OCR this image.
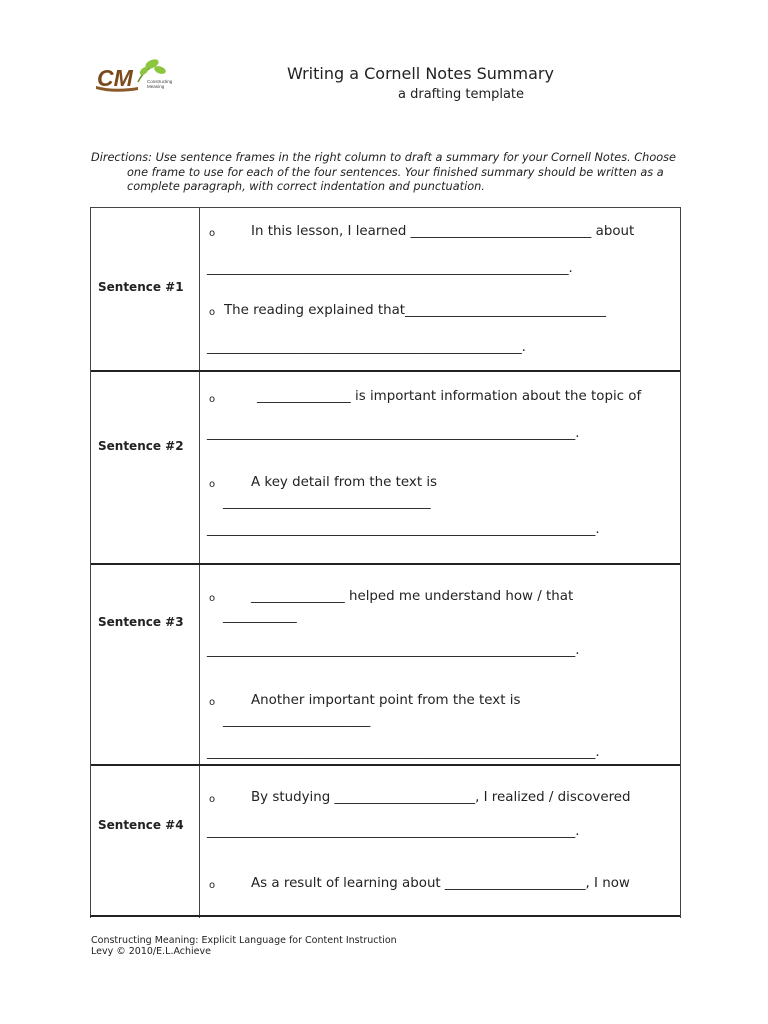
CM	Constructing
Meaning
Writing a Cornell Notes Summary
a drafting template
Directions: Use sentence frames in the right column to draft a summary for your Cornell Notes. Choose
one frame to use for each of the four sentences. Your finished summary should be written as a
complete paragraph, with correct indentation and punctuation.
Sentence #1
o	In this lesson, I learned ___________________________ about
______________________________________________________.
o The reading explained that______________________________
_______________________________________________.
Sentence #2
o	______________ is important information about the topic of
_______________________________________________________.
o	A key detail from the text is
_______________________________
__________________________________________________________.
Sentence #3
o	______________ helped me understand how / that
___________
_______________________________________________________.
o	Another important point from the text is
______________________
__________________________________________________________.
Sentence #4
o	By studying _____________________, I realized / discovered
_______________________________________________________.
o	As a result of learning about _____________________, I now
Constructing Meaning: Explicit Language for Content Instruction
Levy © 2010/E.L.Achieve
